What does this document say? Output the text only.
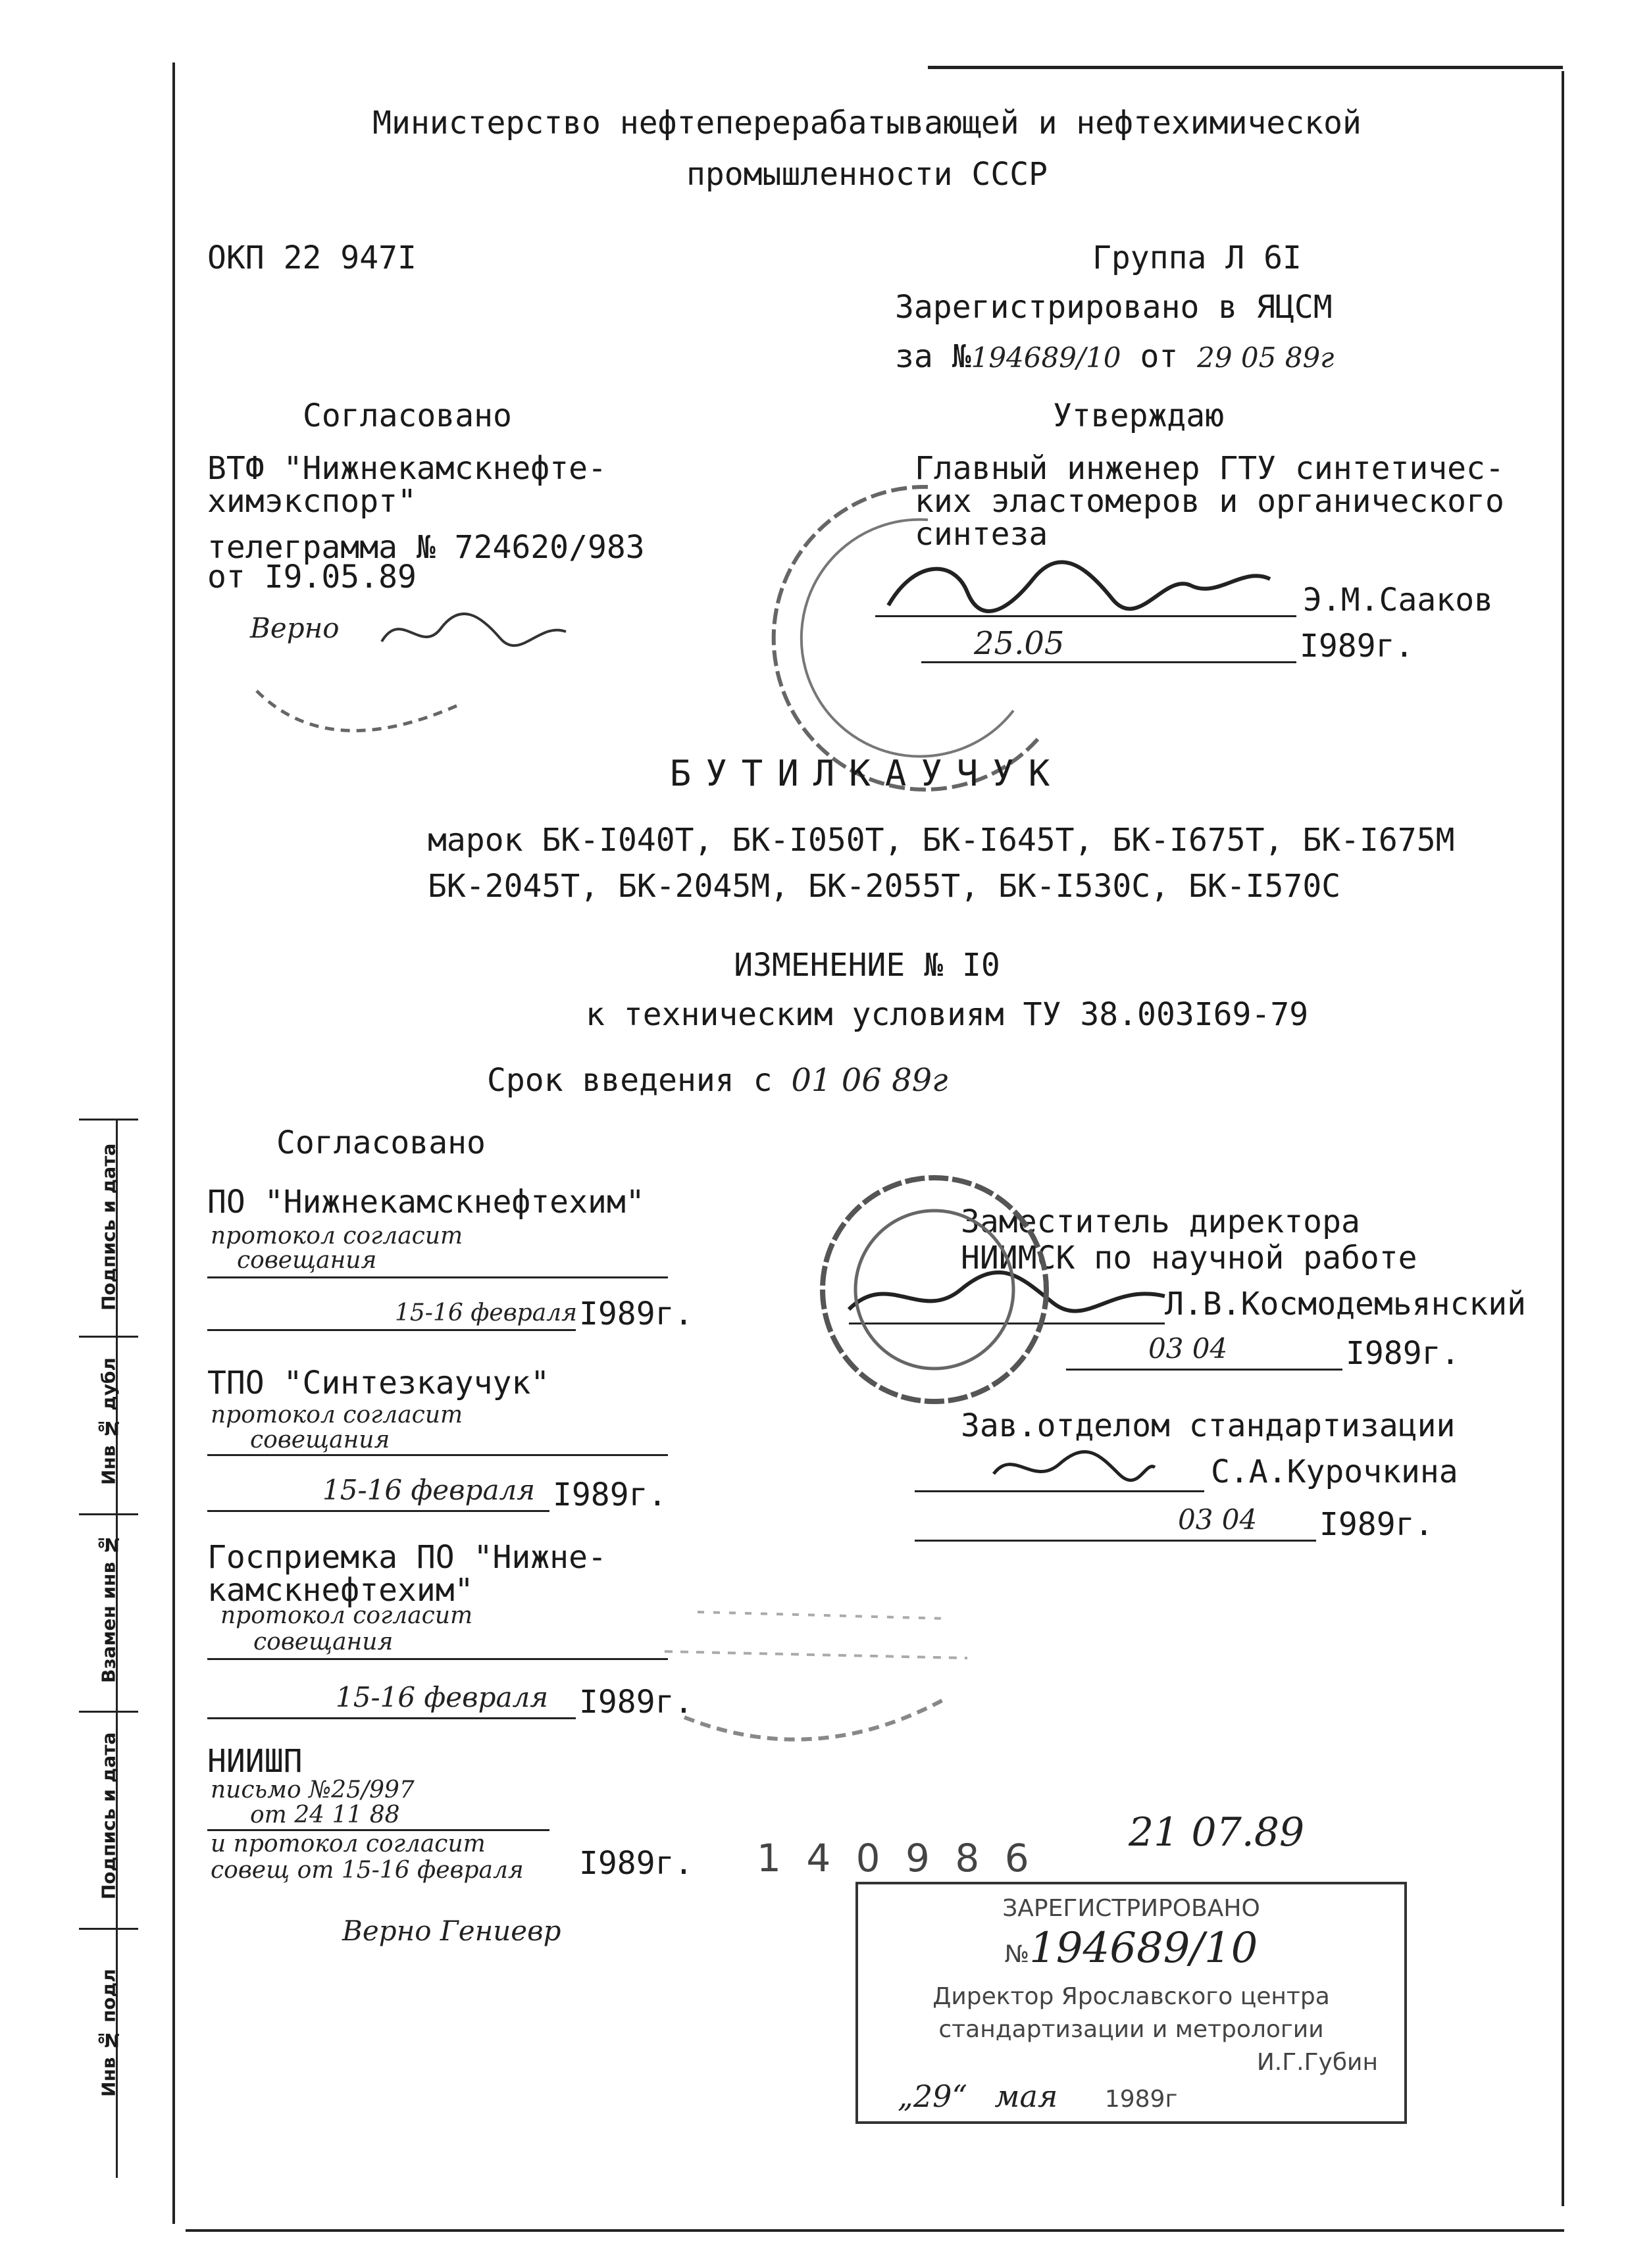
Министерство нефтеперерабатывающей и нефтехимической
промышленности СССР
ОКП 22 947I	Группа Л 6I
Зарегистрировано в ЯЦСМ
за №194689/10 от 29 05 89г
Согласовано
ВТФ "Нижнекамскнефте-
химэкспорт"
телеграмма № 724620/983
от I9.05.89
Верно
Утверждаю
Главный инженер ГТУ синтетичес-
ких эластомеров и органического
синтеза
Э.М.Сааков
25.05	I989г.
БУТИЛКАУЧУК
марок БК-I040Т, БК-I050Т, БК-I645Т, БК-I675Т, БК-I675М
БК-2045Т, БК-2045М, БК-2055Т, БК-I530С, БК-I570С
ИЗМЕНЕНИЕ № I0
к техническим условиям ТУ 38.003I69-79
Срок введения с 01 06 89г
Согласовано
ПО "Нижнекамскнефтехим"
протокол согласит
совещания
15-16 февраля I989г.
ТПО "Синтезкаучук"
протокол согласит
совещания
15-16 февраля I989г.
Госприемка ПО "Нижне-
камскнефтехим"
протокол согласит
совещания
15-16 февраля I989г.
НИИШП
письмо №25/997
от 24 11 88
и протокол согласит
совещ от 15-16 февраля I989г. 1 4 0 9 8 6
Верно Гениевр
Заместитель директора
НИИМСК по научной работе
Л.В.Космодемьянский
03 04	I989г.
Зав.отделом стандартизации
С.А.Курочкина
03 04 I989г.
21 07.89
ЗАРЕГИСТРИРОВАНО
№194689/10
Директор Ярославского центра
стандартизации и метрологии
И.Г.Губин
„29“ мая 1989г
Подпись и дата
Инв № дубл
Взамен инв №
Подпись и дата
Инв № подл
